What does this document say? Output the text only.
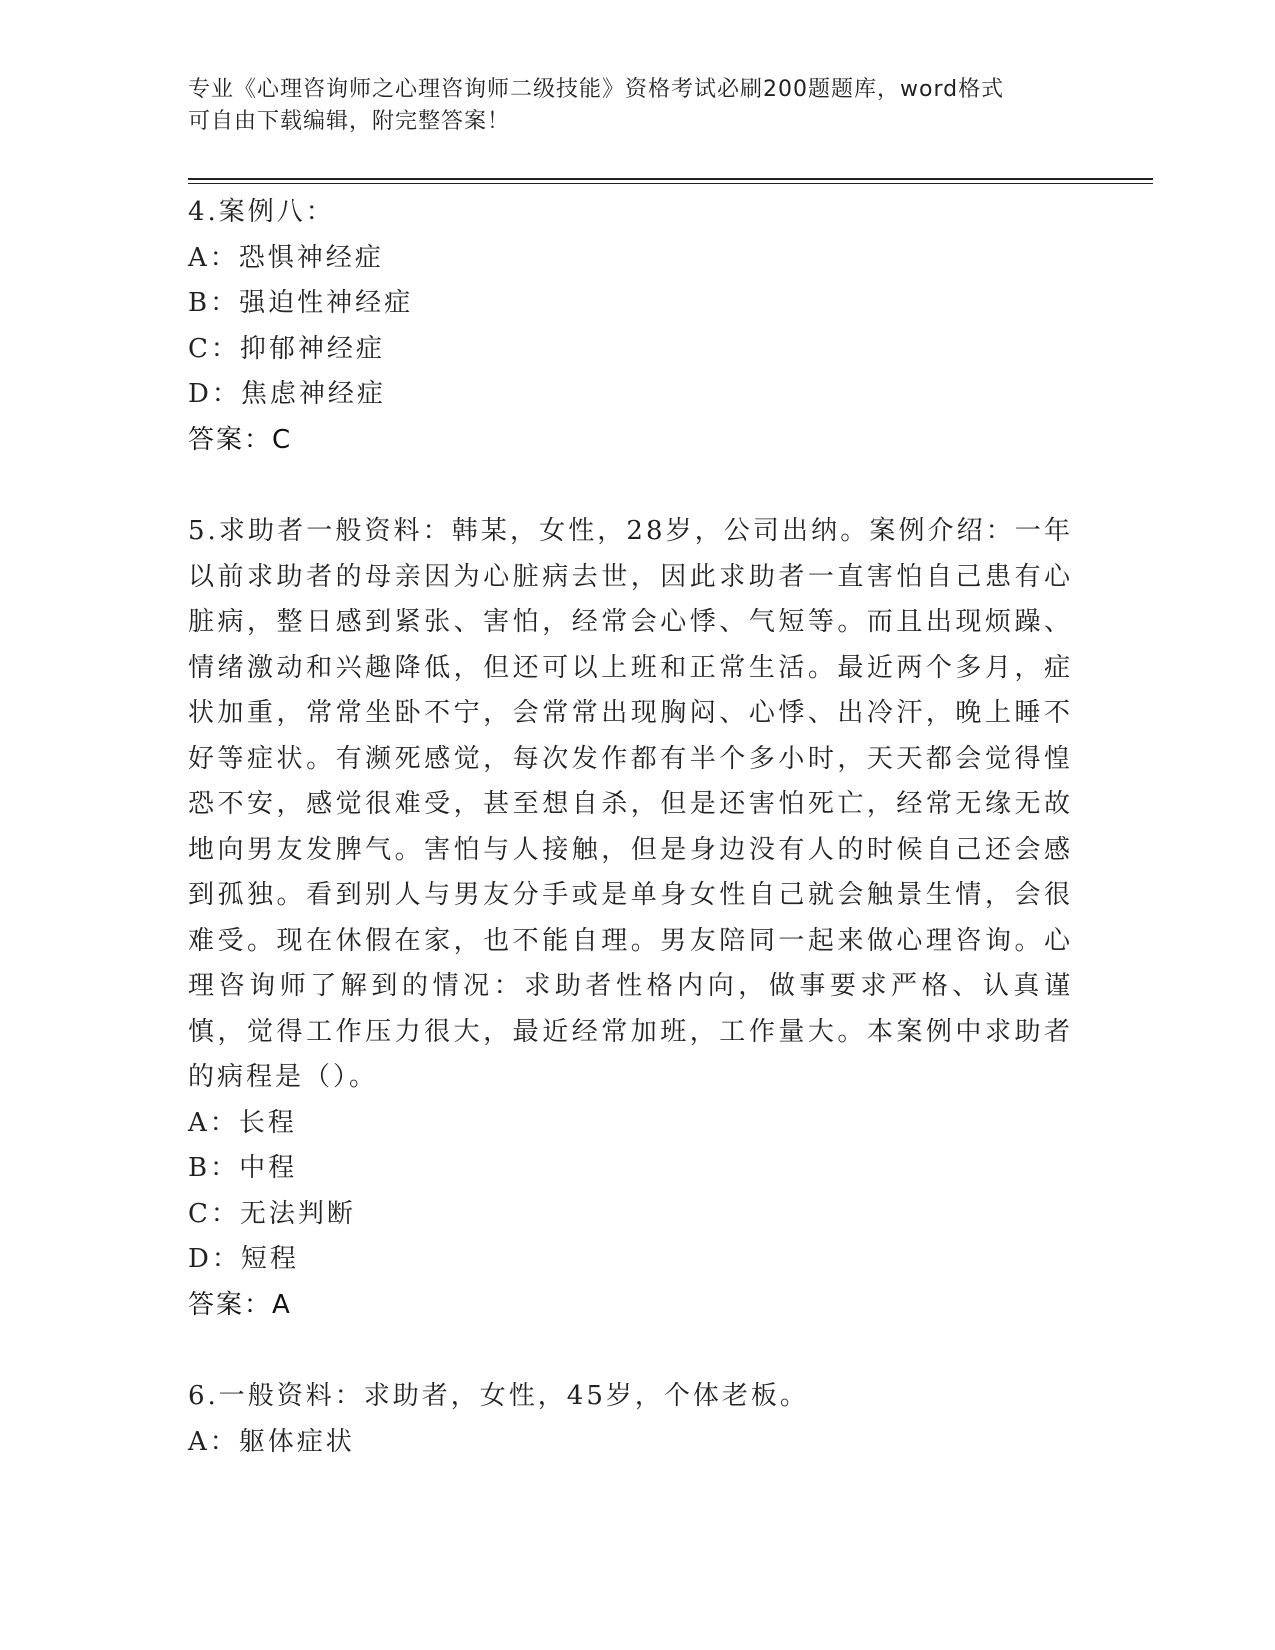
专业《心理咨询师之心理咨询师二级技能》资格考试必刷200题题库，word格式
可自由下载编辑，附完整答案！

4.案例八：

A：恐惧神经症

B：强迫性神经症

C：抑郁神经症

D：焦虑神经症

答案：C

5.求助者一般资料：韩某，女性，28岁，公司出纳。案例介绍：一年以前求助者的母亲因为心脏病去世，因此求助者一直害怕自己患有心脏病，整日感到紧张、害怕，经常会心悸、气短等。而且出现烦躁、情绪激动和兴趣降低，但还可以上班和正常生活。最近两个多月，症状加重，常常坐卧不宁，会常常出现胸闷、心悸、出冷汗，晚上睡不好等症状。有濒死感觉，每次发作都有半个多小时，天天都会觉得惶恐不安，感觉很难受，甚至想自杀，但是还害怕死亡，经常无缘无故地向男友发脾气。害怕与人接触，但是身边没有人的时候自己还会感到孤独。看到别人与男友分手或是单身女性自己就会触景生情，会很难受。现在休假在家，也不能自理。男友陪同一起来做心理咨询。心理咨询师了解到的情况：求助者性格内向，做事要求严格、认真谨慎，觉得工作压力很大，最近经常加班，工作量大。本案例中求助者的病程是（）。

A：长程

B：中程

C：无法判断

D：短程

答案：A

6.一般资料：求助者，女性，45岁，个体老板。

A：躯体症状
